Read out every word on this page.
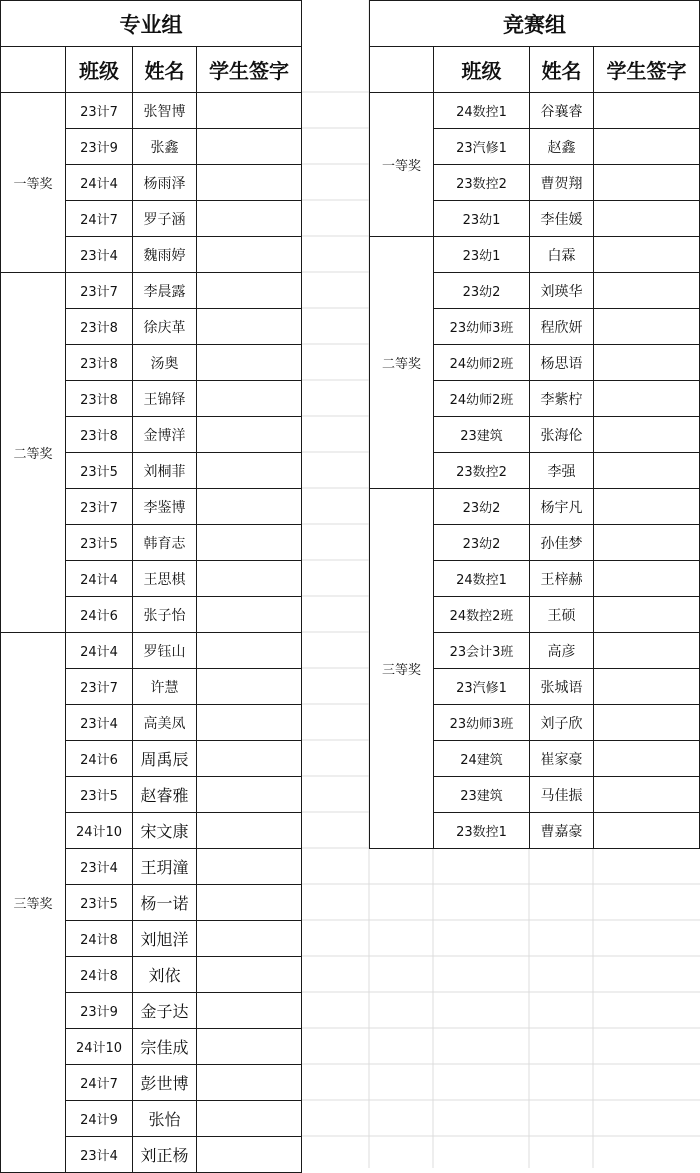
专业组			
	班级	姓名	学生签字
一等奖	23计7	张智博	
	23计9	张鑫	
	24计4	杨雨泽	
	24计7	罗子涵	
	23计4	魏雨婷	
二等奖	23计7	李晨露	
	23计8	徐庆革	
	23计8	汤奥	
	23计8	王锦铎	
	23计8	金博洋	
	23计5	刘桐菲	
	23计7	李鉴博	
	23计5	韩育志	
	24计4	王思棋	
	24计6	张子怡	
三等奖	24计4	罗钰山	
	23计7	许慧	
	23计4	高美凤	
	24计6	周禹辰	
	23计5	赵睿雅	
	24计10	宋文康	
	23计4	王玥潼	
	23计5	杨一诺	
	24计8	刘旭洋	
	24计8	刘依	
	23计9	金子达	
	24计10	宗佳成	
	24计7	彭世博	
	24计9	张怡	
	23计4	刘正杨	
竞赛组			
	班级	姓名	学生签字
一等奖	24数控1	谷襄睿	
	23汽修1	赵鑫	
	23数控2	曹贺翔	
	23幼1	李佳媛	
二等奖	23幼1	白霖	
	23幼2	刘瑛华	
	23幼师3班	程欣妍	
	24幼师2班	杨思语	
	24幼师2班	李紫柠	
	23建筑	张海伦	
	23数控2	李强	
三等奖	23幼2	杨宇凡	
	23幼2	孙佳梦	
	24数控1	王梓赫	
	24数控2班	王硕	
	23会计3班	高彦	
	23汽修1	张城语	
	23幼师3班	刘子欣	
	24建筑	崔家豪	
	23建筑	马佳振	
	23数控1	曹嘉豪	
